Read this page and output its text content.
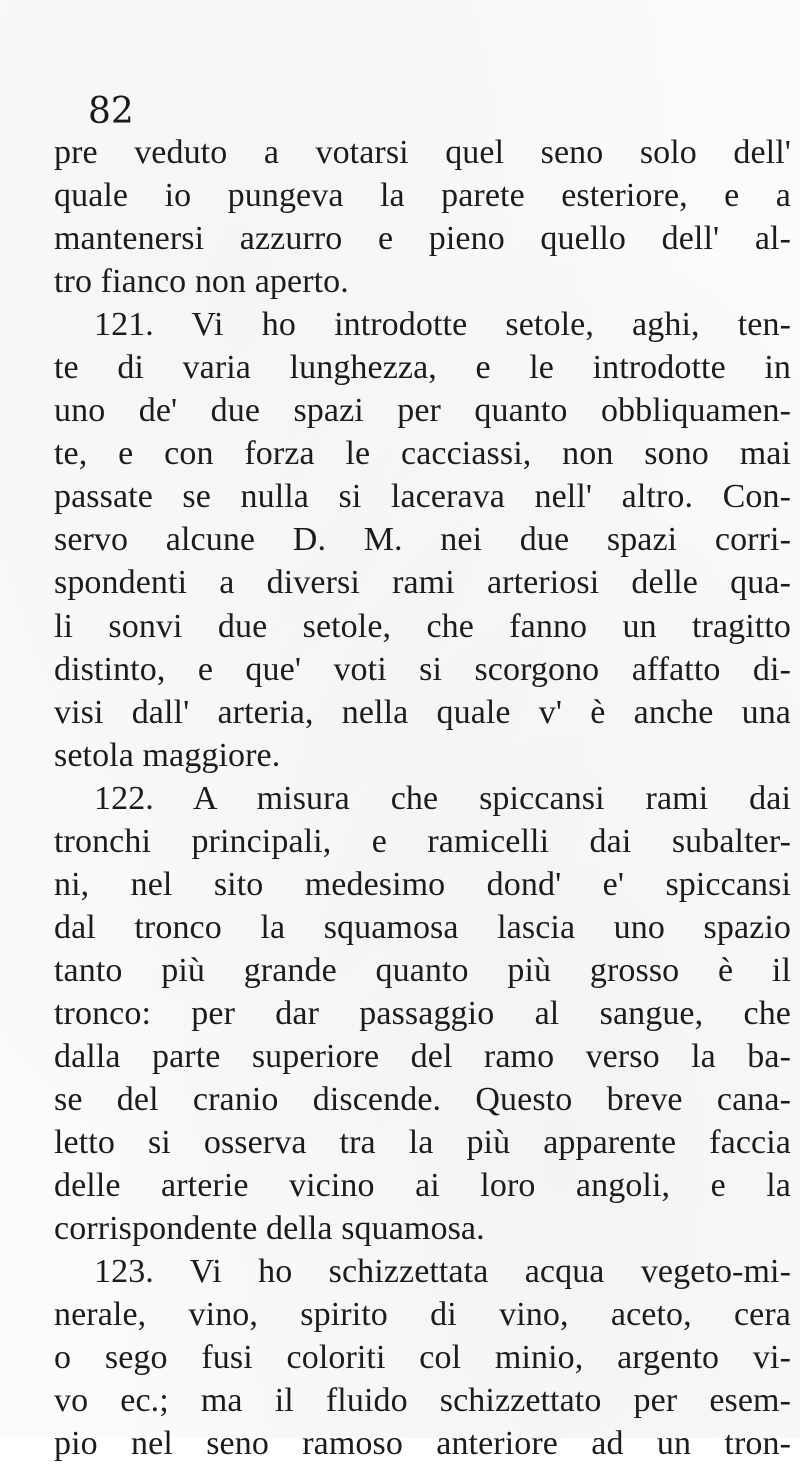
82
pre veduto a votarsi quel seno solo dell'
quale io pungeva la parete esteriore, e a
mantenersi azzurro e pieno quello dell' al-
tro fianco non aperto.
121. Vi ho introdotte setole, aghi, ten-
te di varia lunghezza, e le introdotte in
uno de' due spazi per quanto obbliquamen-
te, e con forza le cacciassi, non sono mai
passate se nulla si lacerava nell' altro. Con-
servo alcune D. M. nei due spazi corri-
spondenti a diversi rami arteriosi delle qua-
li sonvi due setole, che fanno un tragitto
distinto, e que' voti si scorgono affatto di-
visi dall' arteria, nella quale v' è anche una
setola maggiore.
122. A misura che spiccansi rami dai
tronchi principali, e ramicelli dai subalter-
ni, nel sito medesimo dond' e' spiccansi
dal tronco la squamosa lascia uno spazio
tanto più grande quanto più grosso è il
tronco: per dar passaggio al sangue, che
dalla parte superiore del ramo verso la ba-
se del cranio discende. Questo breve cana-
letto si osserva tra la più apparente faccia
delle arterie vicino ai loro angoli, e la
corrispondente della squamosa.
123. Vi ho schizzettata acqua vegeto-mi-
nerale, vino, spirito di vino, aceto, cera
o sego fusi coloriti col minio, argento vi-
vo ec.; ma il fluido schizzettato per esem-
pio nel seno ramoso anteriore ad un tron-
